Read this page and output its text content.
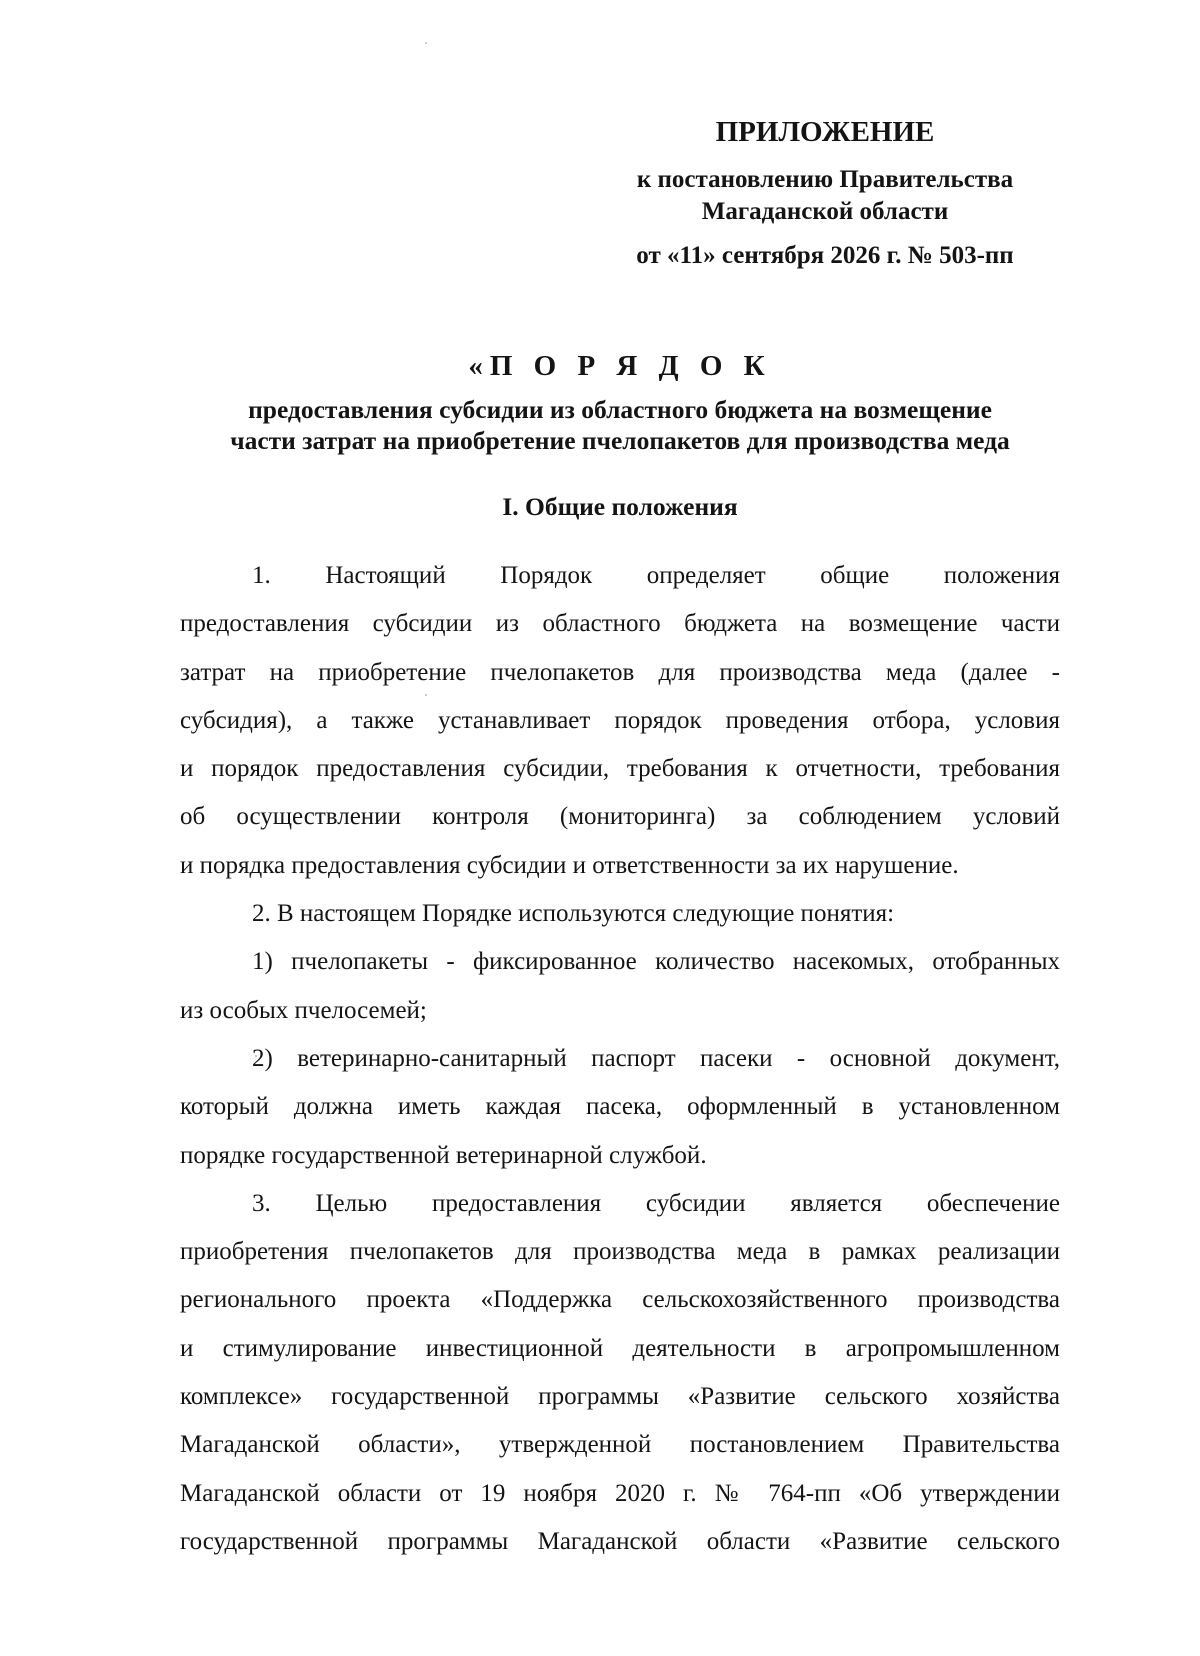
ПРИЛОЖЕНИЕ
к постановлению Правительства
Магаданской области
от «11» сентября 2026 г. № 503-пп
«П О Р Я Д О К
предоставления субсидии из областного бюджета на возмещение
части затрат на приобретение пчелопакетов для производства меда
I. Общие положения
1. Настоящий Порядок определяет общие положения
предоставления субсидии из областного бюджета на возмещение части
затрат на приобретение пчелопакетов для производства меда (далее -
субсидия), а также устанавливает порядок проведения отбора, условия
и порядок предоставления субсидии, требования к отчетности, требования
об осуществлении контроля (мониторинга) за соблюдением условий
и порядка предоставления субсидии и ответственности за их нарушение.
2. В настоящем Порядке используются следующие понятия:
1) пчелопакеты - фиксированное количество насекомых, отобранных
из особых пчелосемей;
2) ветеринарно-санитарный паспорт пасеки - основной документ,
который должна иметь каждая пасека, оформленный в установленном
порядке государственной ветеринарной службой.
3. Целью предоставления субсидии является обеспечение
приобретения пчелопакетов для производства меда в рамках реализации
регионального проекта «Поддержка сельскохозяйственного производства
и стимулирование инвестиционной деятельности в агропромышленном
комплексе» государственной программы «Развитие сельского хозяйства
Магаданской области», утвержденной постановлением Правительства
Магаданской области от 19 ноября 2020 г. № 764-пп «Об утверждении
государственной программы Магаданской области «Развитие сельского
